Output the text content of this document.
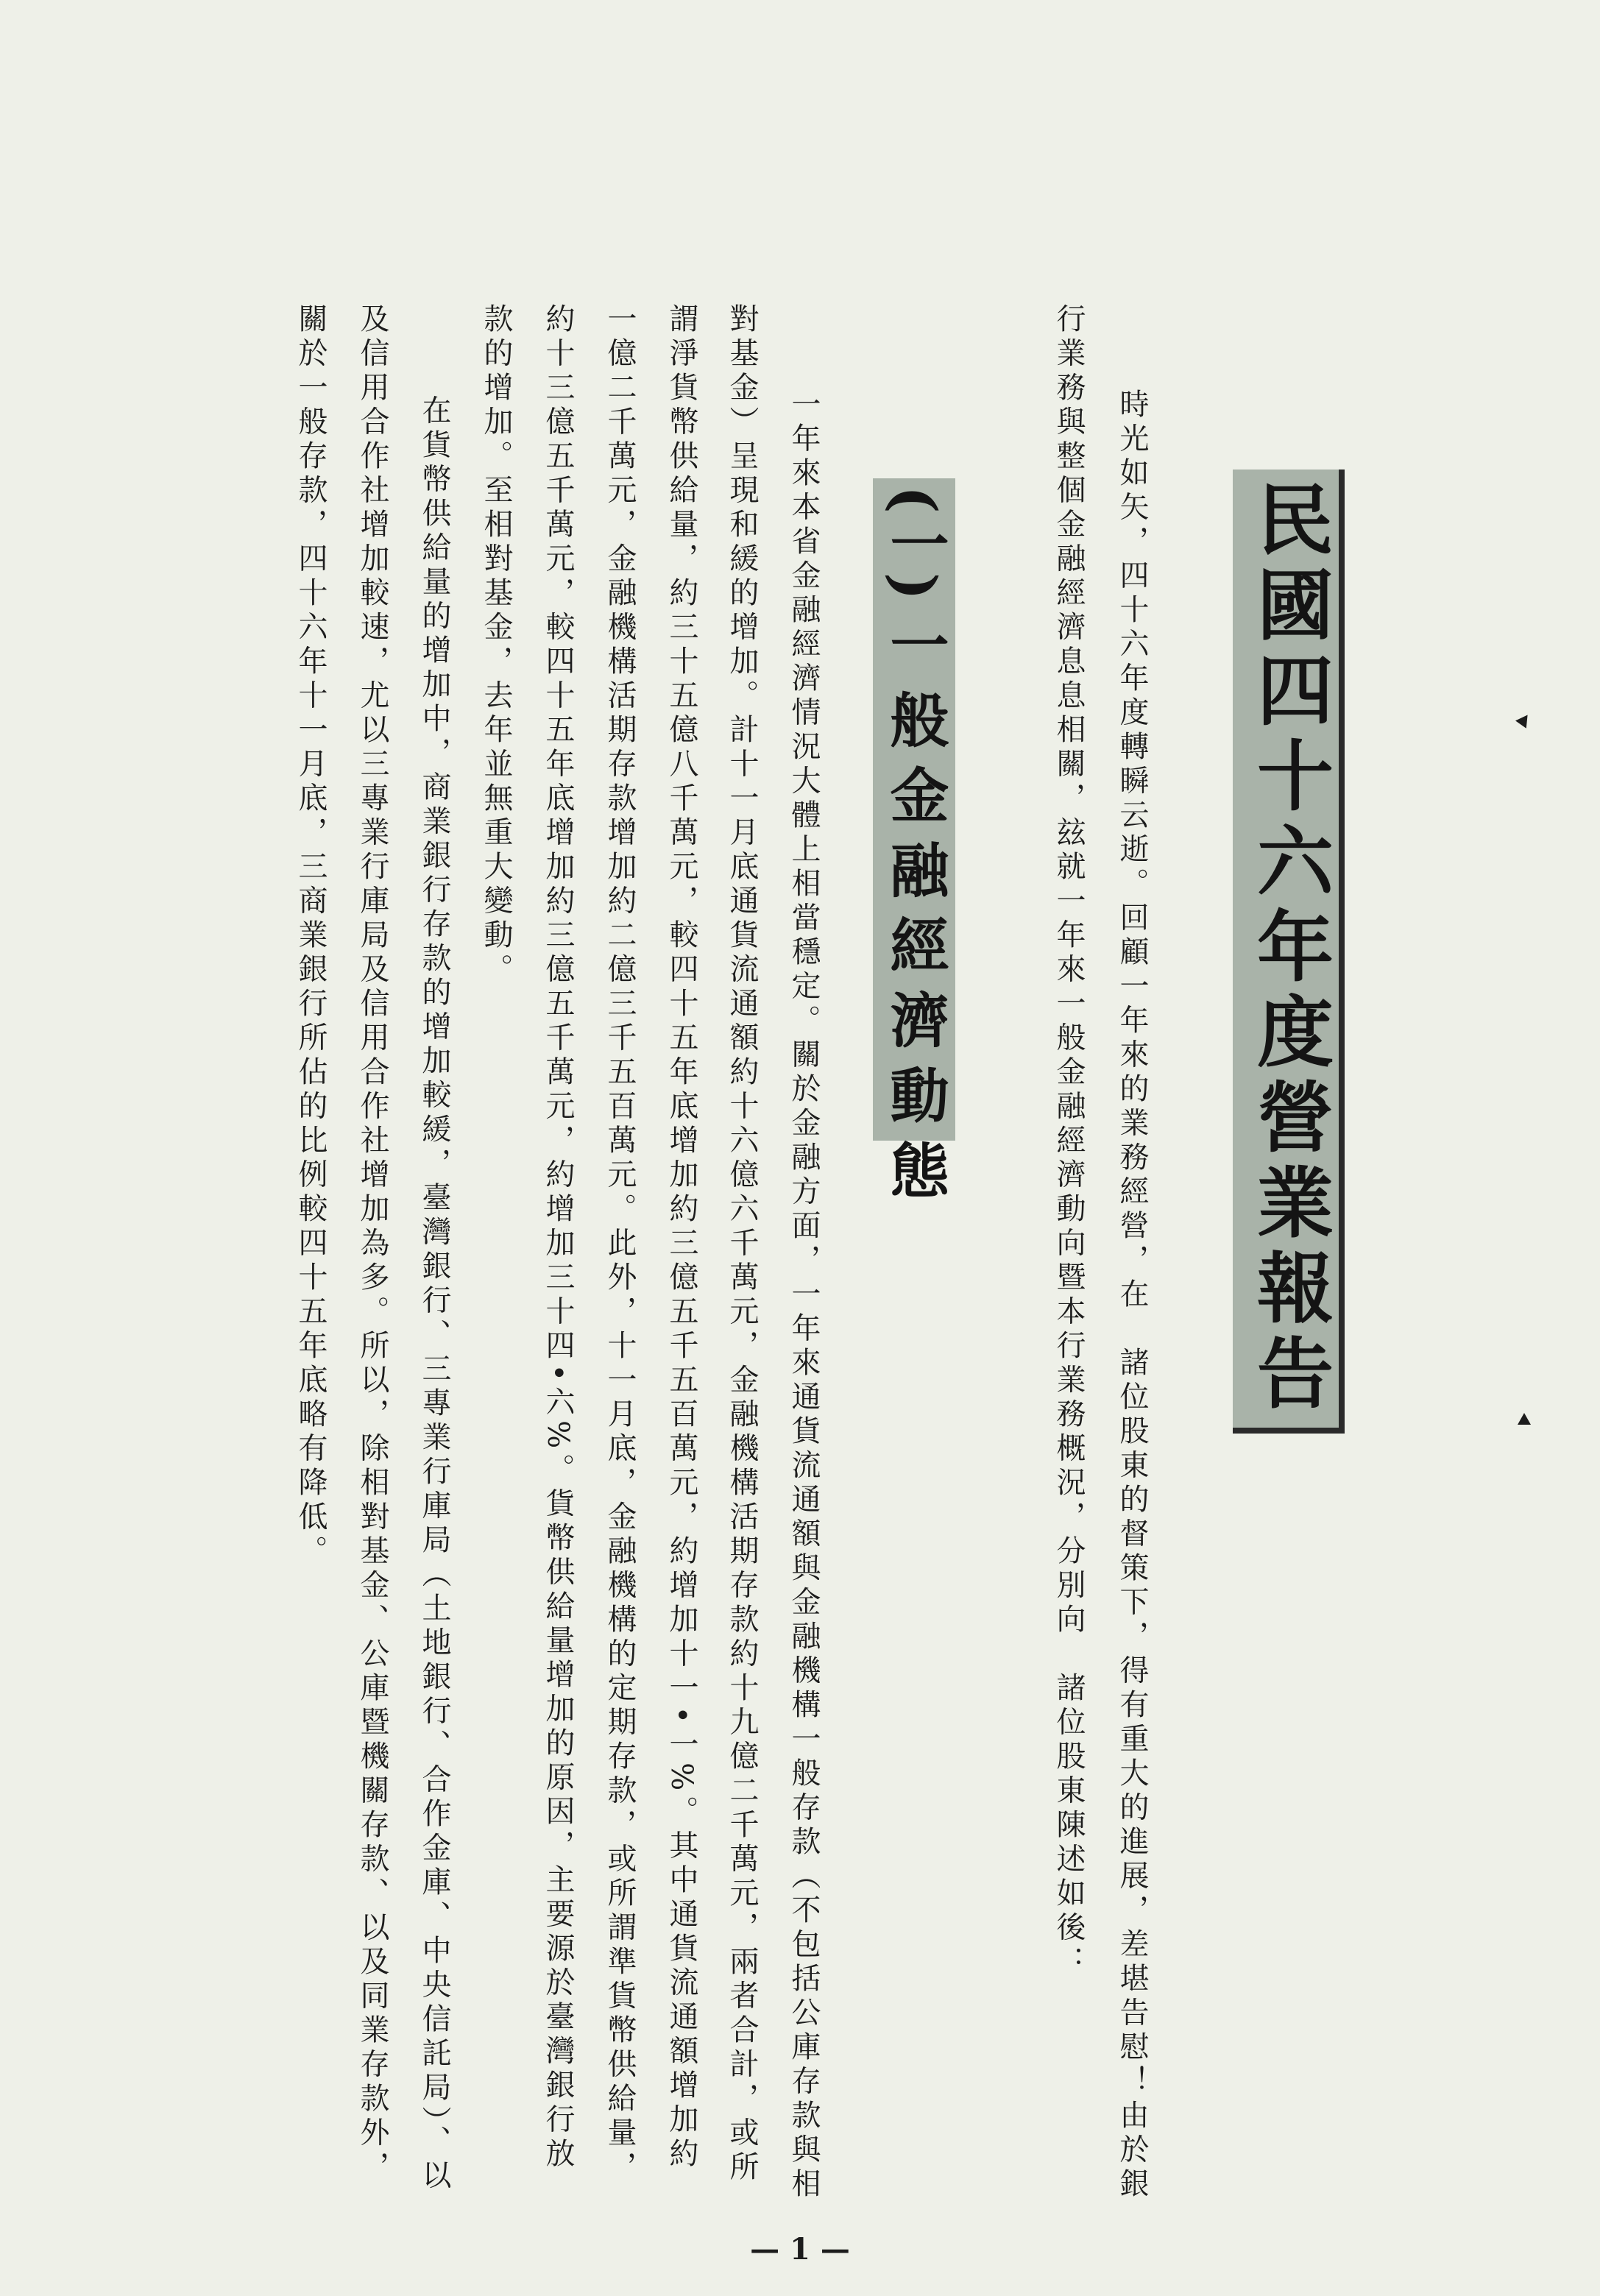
民國四十六年度營業報告
時光如矢，四十六年度轉瞬云逝。回顧一年來的業務經營，在　諸位股東的督策下，得有重大的進展，差堪告慰！由於銀
行業務與整個金融經濟息息相關，玆就一年來一般金融經濟動向暨本行業務概況，分別向　諸位股東陳述如後：
(一)
一般金融經濟動態
一年來本省金融經濟情況大體上相當穩定。關於金融方面，一年來通貨流通額與金融機構一般存款（不包括公庫存款與相
對基金）呈現和緩的增加。計十一月底通貨流通額約十六億六千萬元，金融機構活期存款約十九億二千萬元，兩者合計，或所
謂淨貨幣供給量，約三十五億八千萬元，較四十五年底增加約三億五千五百萬元，約增加十一•一%。其中通貨流通額增加約
一億二千萬元，金融機構活期存款增加約二億三千五百萬元。此外，十一月底，金融機構的定期存款，或所謂準貨幣供給量，
約十三億五千萬元，較四十五年底增加約三億五千萬元，約增加三十四•六%。貨幣供給量增加的原因，主要源於臺灣銀行放
款的增加。至相對基金，去年並無重大變動。
　在貨幣供給量的增加中，商業銀行存款的增加較緩，臺灣銀行、三專業行庫局（土地銀行、合作金庫、中央信託局）、以
及信用合作社增加較速，尤以三專業行庫局及信用合作社增加為多。所以，除相對基金、公庫暨機關存款、以及同業存款外，
關於一般存款，四十六年十一月底，三商業銀行所佔的比例較四十五年底略有降低。
— 1 —
